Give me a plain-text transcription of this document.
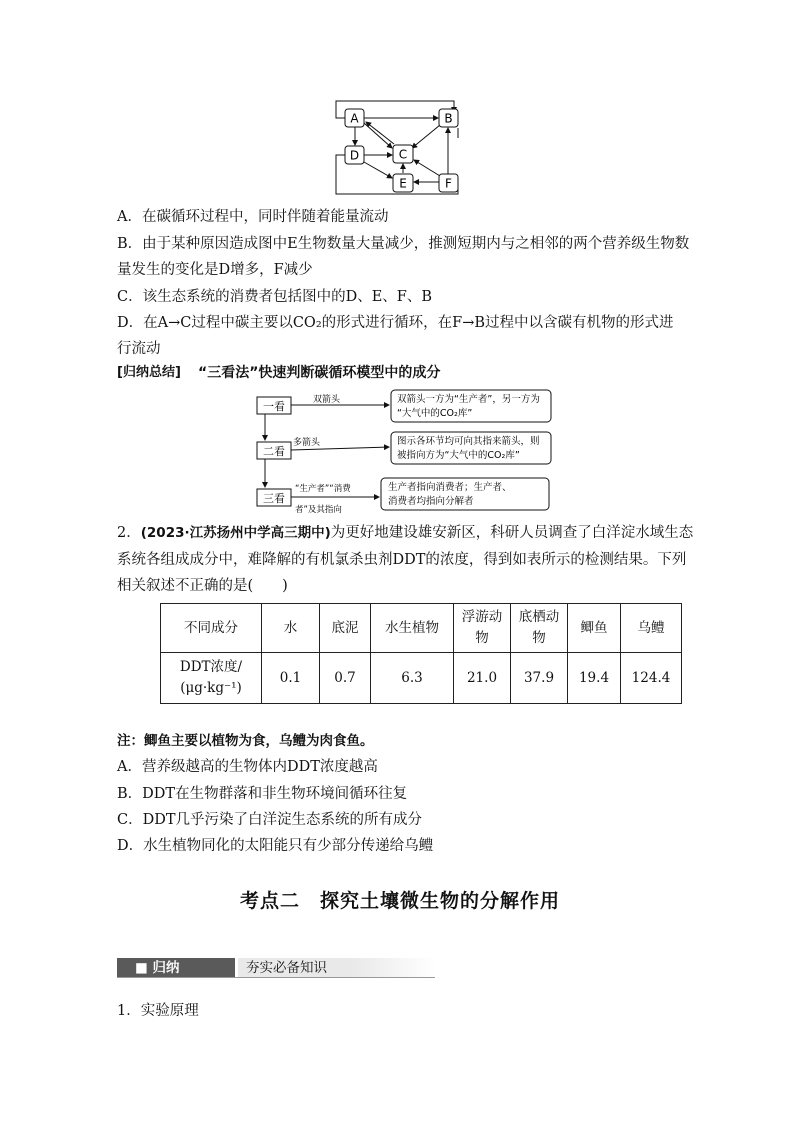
A	B
C
D
E	F
A．在碳循环过程中，同时伴随着能量流动
B．由于某种原因造成图中E生物数量大量减少，推测短期内与之相邻的两个营养级生物数
量发生的变化是D增多，F减少
C．该生态系统的消费者包括图中的D、E、F、B
D．在A→C过程中碳主要以CO₂的形式进行循环，在F→B过程中以含碳有机物的形式进
行流动
[归纳总结] “三看法”快速判断碳循环模型中的成分
一看	双箭头	双箭头一方为“生产者”，另一方为
“大气中的CO₂库”
二看
多箭头	图示各环节均可向其指来箭头，则
被指向方为“大气中的CO₂库”
三看
“生产者”“消费
者”及其指向
生产者指向消费者；生产者、
消费者均指向分解者
2．(2023·江苏扬州中学高三期中)为更好地建设雄安新区，科研人员调查了白洋淀水域生态
系统各组成成分中，难降解的有机氯杀虫剂DDT的浓度，得到如表所示的检测结果。下列
相关叙述不正确的是(　　)
不同成分	水	底泥	水生植物	浮游动物	底栖动物	鲫鱼	乌鳢

DDT浓度/
(μg·kg⁻¹)	0.1	0.7	6.3	21.0	37.9	19.4	124.4
注：鲫鱼主要以植物为食，乌鳢为肉食鱼。
A．营养级越高的生物体内DDT浓度越高
B．DDT在生物群落和非生物环境间循环往复
C．DDT几乎污染了白洋淀生态系统的所有成分
D．水生植物同化的太阳能只有少部分传递给乌鳢
考点二　探究土壤微生物的分解作用
■ 归纳	夯实必备知识
1．实验原理
